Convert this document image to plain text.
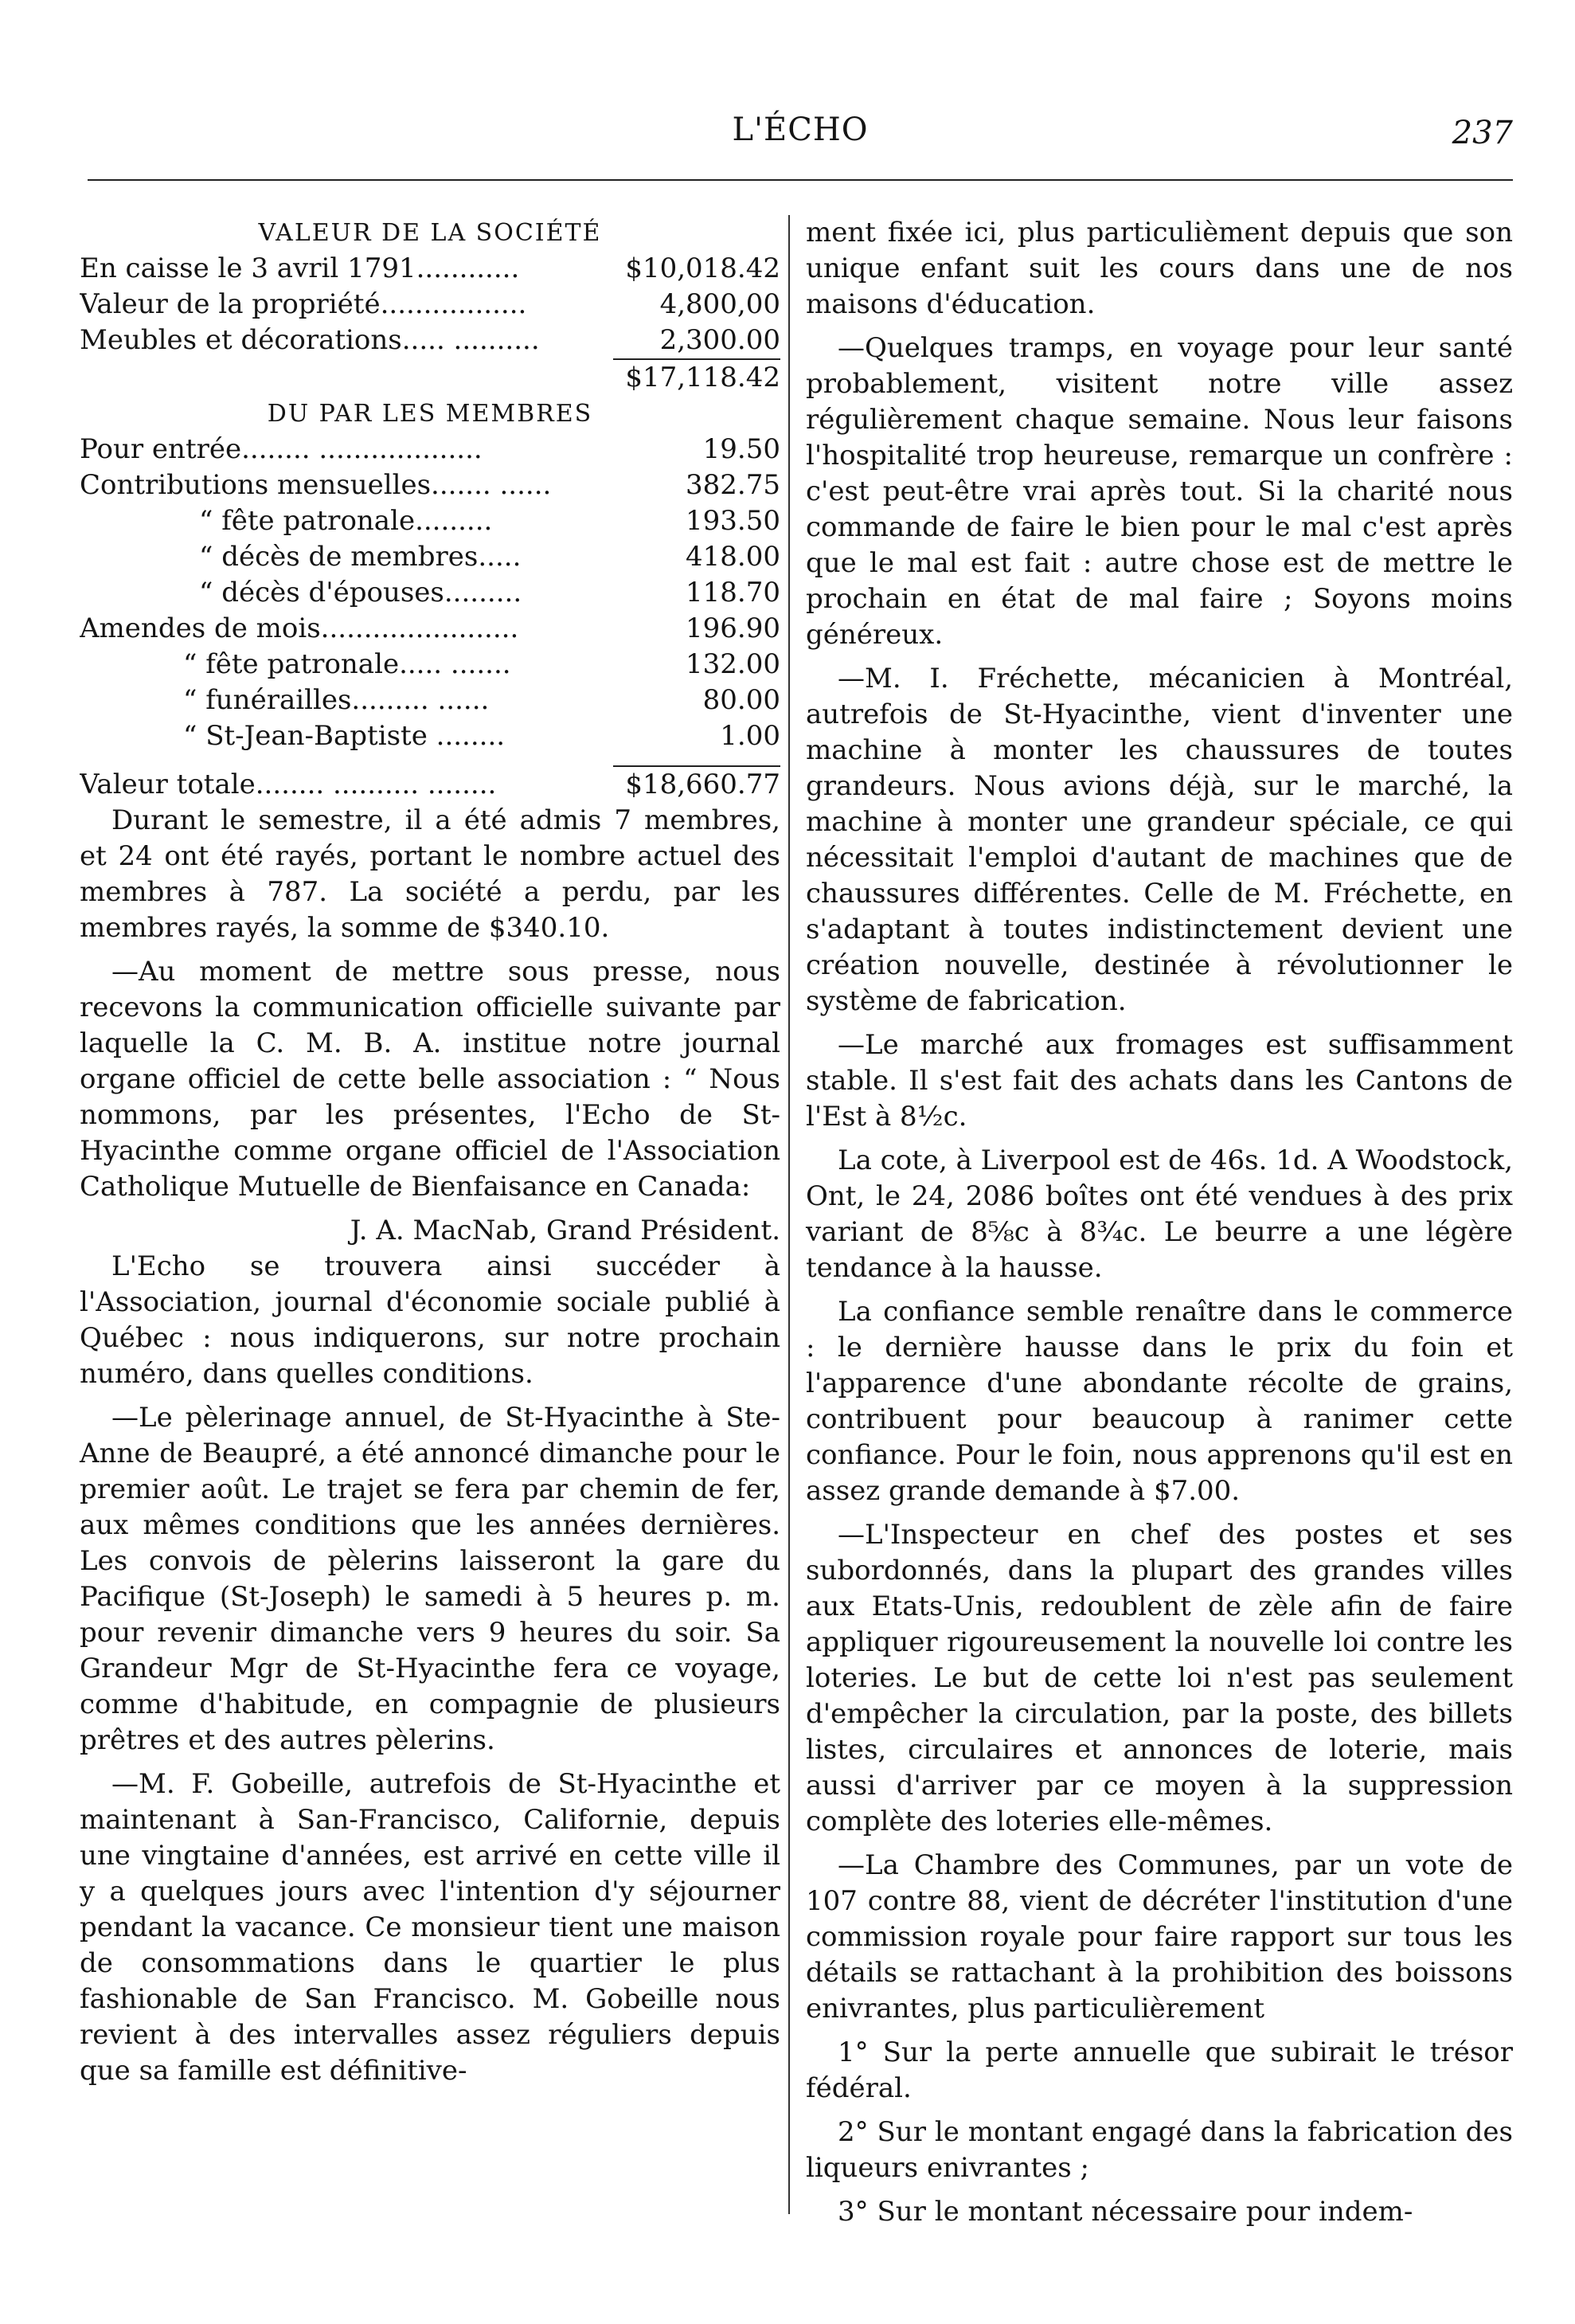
L'ÉCHO	237
VALEUR DE LA SOCIÉTÉ
En caisse le 3 avril 1791............	$10,018.42
Valeur de la propriété.................	4,800,00
Meubles et décorations..... ..........	2,300.00
$17,118.42
DU PAR LES MEMBRES
Pour entrée........ ...................	19.50
Contributions mensuelles....... ......	382.75
“ fête patronale.........	193.50
“ décès de membres.....	418.00
“ décès d'épouses.........	118.70
Amendes de mois.......................	196.90
“ fête patronale..... .......	132.00
“ funérailles......... ......	80.00
“ St-Jean-Baptiste ........	1.00
Valeur totale........ .......... ........	$18,660.77

Durant le semestre, il a été admis 7 membres, et 24 ont été rayés, portant le nombre actuel des membres à 787. La société a perdu, par les membres rayés, la somme de $340.10.

—Au moment de mettre sous presse, nous recevons la communication officielle suivante par laquelle la C. M. B. A. institue notre journal organe officiel de cette belle association : “ Nous nommons, par les présentes, l'Echo de St-Hyacinthe comme organe officiel de l'Association Catholique Mutuelle de Bienfaisance en Canada:

J. A. MacNab, Grand Président.

L'Echo se trouvera ainsi succéder à l'Association, journal d'économie sociale publié à Québec : nous indiquerons, sur notre prochain numéro, dans quelles conditions.

—Le pèlerinage annuel, de St-Hyacinthe à Ste-Anne de Beaupré, a été annoncé dimanche pour le premier août. Le trajet se fera par chemin de fer, aux mêmes conditions que les années dernières. Les convois de pèlerins laisseront la gare du Pacifique (St-Joseph) le samedi à 5 heures p. m. pour revenir dimanche vers 9 heures du soir. Sa Grandeur Mgr de St-Hyacinthe fera ce voyage, comme d'habitude, en compagnie de plusieurs prêtres et des autres pèlerins.

—M. F. Gobeille, autrefois de St-Hyacinthe et maintenant à San-Francisco, Californie, depuis une vingtaine d'années, est arrivé en cette ville il y a quelques jours avec l'intention d'y séjourner pendant la vacance. Ce monsieur tient une maison de consommations dans le quartier le plus fashionable de San Francisco. M. Gobeille nous revient à des intervalles assez réguliers depuis que sa famille est définitive-

ment fixée ici, plus particulièment depuis que son unique enfant suit les cours dans une de nos maisons d'éducation.

—Quelques tramps, en voyage pour leur santé probablement, visitent notre ville assez régulièrement chaque semaine. Nous leur faisons l'hospitalité trop heureuse, remarque un confrère : c'est peut-être vrai après tout. Si la charité nous commande de faire le bien pour le mal c'est après que le mal est fait : autre chose est de mettre le prochain en état de mal faire ; Soyons moins généreux.

—M. I. Fréchette, mécanicien à Montréal, autrefois de St-Hyacinthe, vient d'inventer une machine à monter les chaussures de toutes grandeurs. Nous avions déjà, sur le marché, la machine à monter une grandeur spéciale, ce qui nécessitait l'emploi d'autant de machines que de chaussures différentes. Celle de M. Fréchette, en s'adaptant à toutes indistinctement devient une création nouvelle, destinée à révolutionner le système de fabrication.

—Le marché aux fromages est suffisamment stable. Il s'est fait des achats dans les Cantons de l'Est à 8½c.

La cote, à Liverpool est de 46s. 1d. A Woodstock, Ont, le 24, 2086 boîtes ont été vendues à des prix variant de 8⅝c à 8¾c. Le beurre a une légère tendance à la hausse.

La confiance semble renaître dans le commerce : le dernière hausse dans le prix du foin et l'apparence d'une abondante récolte de grains, contribuent pour beaucoup à ranimer cette confiance. Pour le foin, nous apprenons qu'il est en assez grande demande à $7.00.

—L'Inspecteur en chef des postes et ses subordonnés, dans la plupart des grandes villes aux Etats-Unis, redoublent de zèle afin de faire appliquer rigoureusement la nouvelle loi contre les loteries. Le but de cette loi n'est pas seulement d'empêcher la circulation, par la poste, des billets listes, circulaires et annonces de loterie, mais aussi d'arriver par ce moyen à la suppression complète des loteries elle-mêmes.

—La Chambre des Communes, par un vote de 107 contre 88, vient de décréter l'institution d'une commission royale pour faire rapport sur tous les détails se rattachant à la prohibition des boissons enivrantes, plus particulièrement

1° Sur la perte annuelle que subirait le trésor fédéral.

2° Sur le montant engagé dans la fabrication des liqueurs enivrantes ;

3° Sur le montant nécessaire pour indem-
